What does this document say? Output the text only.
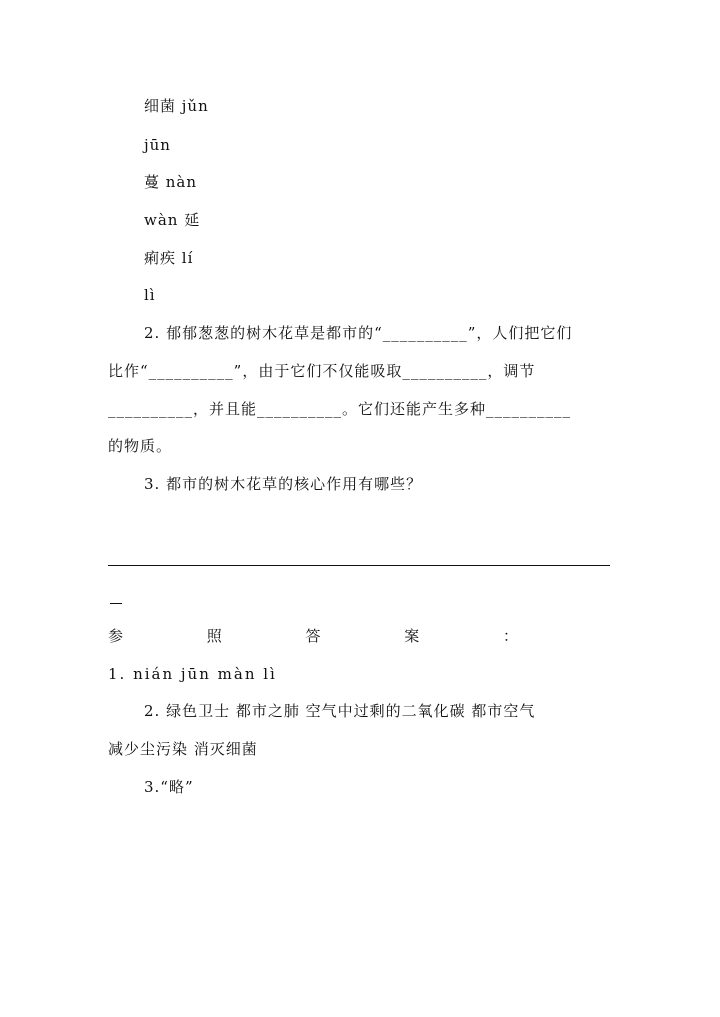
细菌 jǔn
jūn
蔓 nàn
wàn 延
痢疾 lí
lì
2. 郁郁葱葱的树木花草是都市的“__________”，人们把它们
比作“__________”，由于它们不仅能吸取__________，调节
__________，并且能__________。它们还能产生多种__________
的物质。
3. 都市的树木花草的核心作用有哪些？
参	照	答	案	：
1. nián jūn màn lì
2. 绿色卫士 都市之肺 空气中过剩的二氧化碳 都市空气
减少尘污染 消灭细菌
3.“略”
